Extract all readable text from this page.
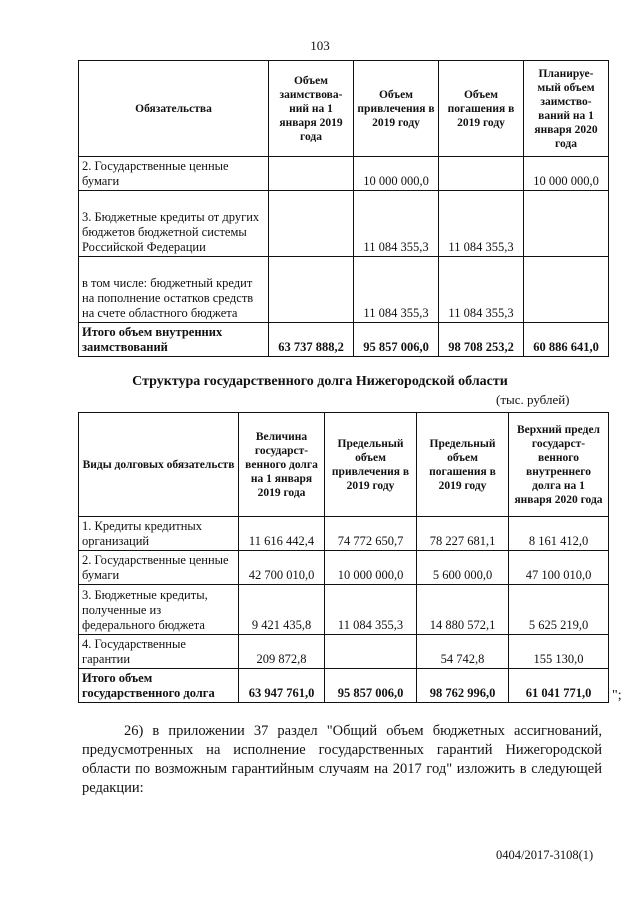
103
Обязательства	Объем заимствова-ний на 1 января 2019 года	Объем привлечения в 2019 году	Объем погашения в 2019 году	Планируе-мый объем заимство-ваний на 1 января 2020 года
2. Государственные ценные бумаги		10 000 000,0		10 000 000,0
3. Бюджетные кредиты от других бюджетов бюджетной системы Российской Федерации		11 084 355,3	11 084 355,3	
в том числе: бюджетный кредит на пополнение остатков средств на счете областного бюджета		11 084 355,3	11 084 355,3	
Итого объем внутренних заимствований	63 737 888,2	95 857 006,0	98 708 253,2	60 886 641,0
Структура государственного долга Нижегородской области
(тыс. рублей)
Виды долговых обязательств	Величина государст-венного долга на 1 января 2019 года	Предельный объем привлечения в 2019 году	Предельный объем погашения в 2019 году	Верхний предел государст-венного внутреннего долга на 1 января 2020 года
1. Кредиты кредитных организаций	11 616 442,4	74 772 650,7	78 227 681,1	8 161 412,0
2. Государственные ценные бумаги	42 700 010,0	10 000 000,0	5 600 000,0	47 100 010,0
3. Бюджетные кредиты, полученные из федерального бюджета	9 421 435,8	11 084 355,3	14 880 572,1	5 625 219,0
4. Государственные гарантии	209 872,8		54 742,8	155 130,0
Итого объем государственного долга	63 947 761,0	95 857 006,0	98 762 996,0	61 041 771,0 ";
26) в приложении 37 раздел "Общий объем бюджетных ассигнований, предусмотренных на исполнение государственных гарантий Нижегородской области по возможным гарантийным случаям на 2017 год" изложить в следующей редакции:
0404/2017-3108(1)
